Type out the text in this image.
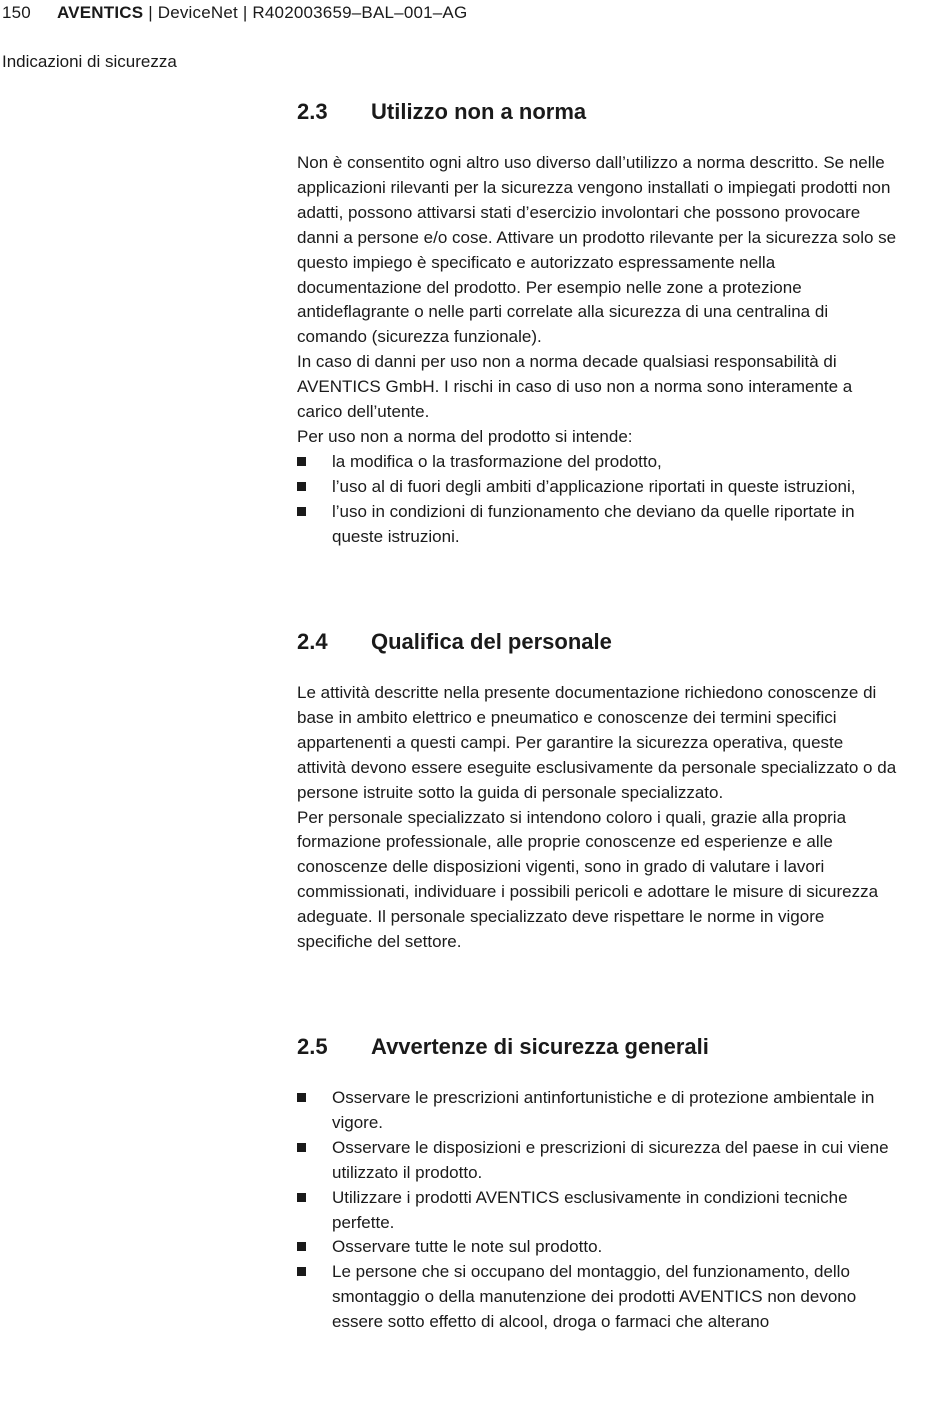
150 AVENTICS | DeviceNet | R402003659–BAL–001–AG
Indicazioni di sicurezza
2.3 Utilizzo non a norma

Non è consentito ogni altro uso diverso dall’utilizzo a norma descritto. Se nelle applicazioni rilevanti per la sicurezza vengono installati o impiegati prodotti non adatti, possono attivarsi stati d’esercizio involontari che possono provocare danni a persone e/o cose. Attivare un prodotto rilevante per la sicurezza solo se questo impiego è specificato e autorizzato espressamente nella documentazione del prodotto. Per esempio nelle zone a protezione antideflagrante o nelle parti correlate alla sicurezza di una centralina di comando (sicurezza funzionale).

In caso di danni per uso non a norma decade qualsiasi responsabilità di AVENTICS GmbH. I rischi in caso di uso non a norma sono interamente a carico dell’utente.

Per uso non a norma del prodotto si intende:

la modifica o la trasformazione del prodotto,
l’uso al di fuori degli ambiti d’applicazione riportati in queste istruzioni,
l’uso in condizioni di funzionamento che deviano da quelle riportate in queste istruzioni.
2.4 Qualifica del personale

Le attività descritte nella presente documentazione richiedono conoscenze di base in ambito elettrico e pneumatico e conoscenze dei termini specifici appartenenti a questi campi. Per garantire la sicurezza operativa, queste attività devono essere eseguite esclusivamente da personale specializzato o da persone istruite sotto la guida di personale specializzato.

Per personale specializzato si intendono coloro i quali, grazie alla propria formazione professionale, alle proprie conoscenze ed esperienze e alle conoscenze delle disposizioni vigenti, sono in grado di valutare i lavori commissionati, individuare i possibili pericoli e adottare le misure di sicurezza adeguate. Il personale specializzato deve rispettare le norme in vigore specifiche del settore.

2.5 Avvertenze di sicurezza generali
Osservare le prescrizioni antinfortunistiche e di protezione ambientale in vigore.
Osservare le disposizioni e prescrizioni di sicurezza del paese in cui viene utilizzato il prodotto.
Utilizzare i prodotti AVENTICS esclusivamente in condizioni tecniche perfette.
Osservare tutte le note sul prodotto.
Le persone che si occupano del montaggio, del funzionamento, dello smontaggio o della manutenzione dei prodotti AVENTICS non devono essere sotto effetto di alcool, droga o farmaci che alterano
